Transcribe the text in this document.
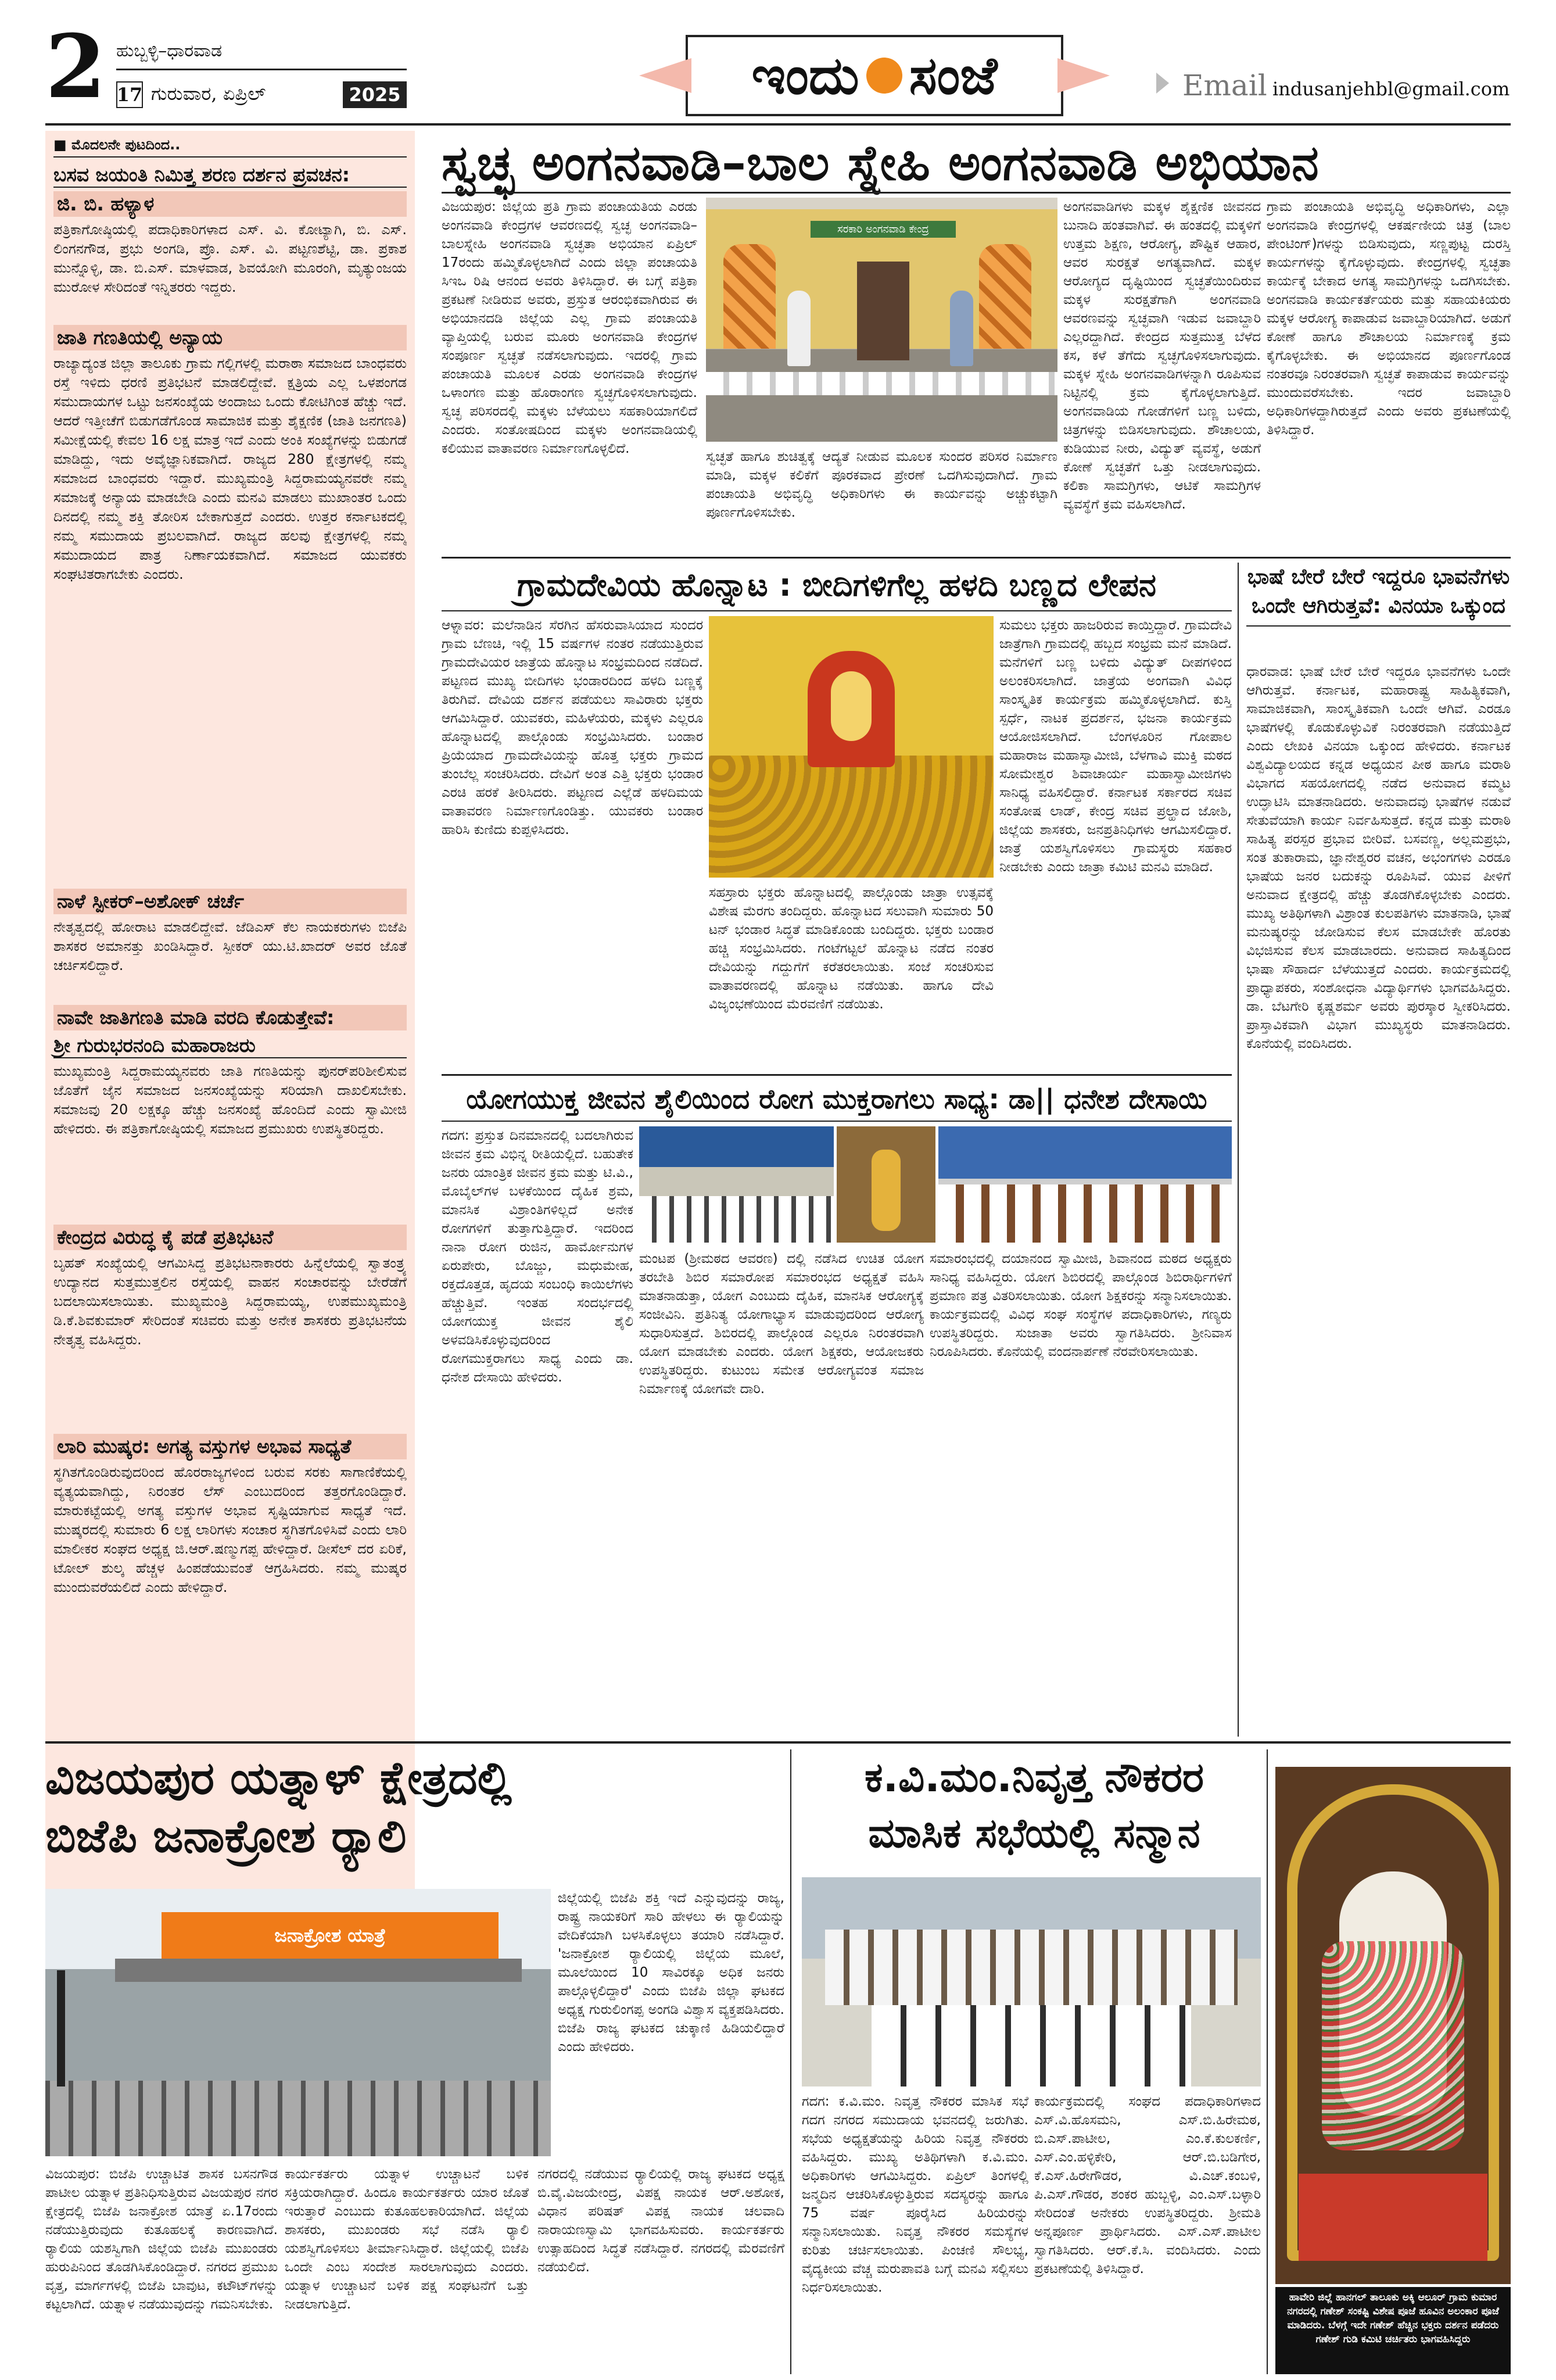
2 ಹುಬ್ಬಳ್ಳಿ–ಧಾರವಾಡ
17 ಗುರುವಾರ, ಏಪ್ರಿಲ್	2025	ಇಂದು ಸಂಜೆ	Email indusanjehbl@gmail.com
■ ಮೊದಲನೇ ಪುಟದಿಂದ..
ಬಸವ ಜಯಂತಿ ನಿಮಿತ್ತ ಶರಣ ದರ್ಶನ ಪ್ರವಚನ:
ಜಿ. ಬಿ. ಹಳ್ಯಾಳ
ಪತ್ರಿಕಾಗೋಷ್ಠಿಯಲ್ಲಿ ಪದಾಧಿಕಾರಿಗಳಾದ ಎಸ್. ವಿ. ಕೋಟ್ಯಾಗಿ, ಬಿ. ಎಸ್. ಲಿಂಗನಗೌಡ, ಪ್ರಭು ಅಂಗಡಿ, ಪ್ರೊ. ಎಸ್. ವಿ. ಪಟ್ಟಣಶೆಟ್ಟಿ, ಡಾ. ಪ್ರಕಾಶ ಮುನ್ನೊಳ್ಳಿ, ಡಾ. ಬಿ.ಎಸ್. ಮಾಳವಾಡ, ಶಿವಯೋಗಿ ಮೂರಂಗಿ, ಮೃತ್ಯುಂಜಯ ಮುರೋಳ ಸೇರಿದಂತೆ ಇನ್ನಿತರರು ಇದ್ದರು.
ಜಾತಿ ಗಣತಿಯಲ್ಲಿ ಅನ್ಯಾಯ
ರಾಜ್ಯಾದ್ಯಂತ ಜಿಲ್ಲಾ ತಾಲೂಕು ಗ್ರಾಮ ಗಲ್ಲಿಗಳಲ್ಲಿ ಮರಾಠಾ ಸಮಾಜದ ಬಾಂಧವರು ರಸ್ತೆ ಇಳಿದು ಧರಣಿ ಪ್ರತಿಭಟನೆ ಮಾಡಲಿದ್ದೇವೆ. ಕ್ಷತ್ರಿಯ ಎಲ್ಲ ಒಳಪಂಗಡ ಸಮುದಾಯಗಳ ಒಟ್ಟು ಜನಸಂಖ್ಯೆಯ ಅಂದಾಜು ಒಂದು ಕೋಟಿಗಿಂತ ಹೆಚ್ಚು ಇದೆ. ಆದರೆ ಇತ್ತೀಚೆಗೆ ಬಿಡುಗಡೆಗೊಂಡ ಸಾಮಾಜಿಕ ಮತ್ತು ಶೈಕ್ಷಣಿಕ (ಜಾತಿ ಜನಗಣತಿ) ಸಮೀಕ್ಷೆಯಲ್ಲಿ ಕೇವಲ 16 ಲಕ್ಷ ಮಾತ್ರ ಇದೆ ಎಂದು ಅಂಕಿ ಸಂಖ್ಯೆಗಳನ್ನು ಬಿಡುಗಡೆ ಮಾಡಿದ್ದು, ಇದು ಅವೈಜ್ಞಾನಿಕವಾಗಿದೆ. ರಾಜ್ಯದ 280 ಕ್ಷೇತ್ರಗಳಲ್ಲಿ ನಮ್ಮ ಸಮಾಜದ ಬಾಂಧವರು ಇದ್ದಾರೆ. ಮುಖ್ಯಮಂತ್ರಿ ಸಿದ್ದರಾಮಯ್ಯನವರೇ ನಮ್ಮ ಸಮಾಜಕ್ಕೆ ಅನ್ಯಾಯ ಮಾಡಬೇಡಿ ಎಂದು ಮನವಿ ಮಾಡಲು ಮುಖಾಂತರ ಒಂದು ದಿನದಲ್ಲಿ ನಮ್ಮ ಶಕ್ತಿ ತೋರಿಸ ಬೇಕಾಗುತ್ತದೆ ಎಂದರು. ಉತ್ತರ ಕರ್ನಾಟಕದಲ್ಲಿ ನಮ್ಮ ಸಮುದಾಯ ಪ್ರಬಲವಾಗಿದೆ. ರಾಜ್ಯದ ಹಲವು ಕ್ಷೇತ್ರಗಳಲ್ಲಿ ನಮ್ಮ ಸಮುದಾಯದ ಪಾತ್ರ ನಿರ್ಣಾಯಕವಾಗಿದೆ. ಸಮಾಜದ ಯುವಕರು ಸಂಘಟಿತರಾಗಬೇಕು ಎಂದರು.
ನಾಳೆ ಸ್ಪೀಕರ್–ಅಶೋಕ್ ಚರ್ಚೆ
ನೇತೃತ್ವದಲ್ಲಿ ಹೋರಾಟ ಮಾಡಲಿದ್ದೇವೆ. ಜೆಡಿಎಸ್ ಕೆಲ ನಾಯಕರುಗಳು ಬಿಜೆಪಿ ಶಾಸಕರ ಅಮಾನತ್ತು ಖಂಡಿಸಿದ್ದಾರೆ. ಸ್ಪೀಕರ್ ಯು.ಟಿ.ಖಾದರ್ ಅವರ ಜೊತೆ ಚರ್ಚಿಸಲಿದ್ದಾರೆ.
ನಾವೇ ಜಾತಿಗಣತಿ ಮಾಡಿ ವರದಿ ಕೊಡುತ್ತೇವೆ:
ಶ್ರೀ ಗುರುಭರನಂದಿ ಮಹಾರಾಜರು
ಮುಖ್ಯಮಂತ್ರಿ ಸಿದ್ದರಾಮಯ್ಯನವರು ಜಾತಿ ಗಣತಿಯನ್ನು ಪುನರ್‌ಪರಿಶೀಲಿಸುವ ಜೊತೆಗೆ ಜೈನ ಸಮಾಜದ ಜನಸಂಖ್ಯೆಯನ್ನು ಸರಿಯಾಗಿ ದಾಖಲಿಸಬೇಕು. ಸಮಾಜವು 20 ಲಕ್ಷಕ್ಕೂ ಹೆಚ್ಚು ಜನಸಂಖ್ಯೆ ಹೊಂದಿದೆ ಎಂದು ಸ್ವಾಮೀಜಿ ಹೇಳಿದರು. ಈ ಪತ್ರಿಕಾಗೋಷ್ಠಿಯಲ್ಲಿ ಸಮಾಜದ ಪ್ರಮುಖರು ಉಪಸ್ಥಿತರಿದ್ದರು.
ಕೇಂದ್ರದ ವಿರುದ್ಧ ಕೈ ಪಡೆ ಪ್ರತಿಭಟನೆ
ಬೃಹತ್ ಸಂಖ್ಯೆಯಲ್ಲಿ ಆಗಮಿಸಿದ್ದ ಪ್ರತಿಭಟನಾಕಾರರು ಹಿನ್ನೆಲೆಯಲ್ಲಿ ಸ್ವಾತಂತ್ರ್ಯ ಉದ್ಯಾನದ ಸುತ್ತಮುತ್ತಲಿನ ರಸ್ತೆಯಲ್ಲಿ ವಾಹನ ಸಂಚಾರವನ್ನು ಬೇರೆಡೆಗೆ ಬದಲಾಯಿಸಲಾಯಿತು. ಮುಖ್ಯಮಂತ್ರಿ ಸಿದ್ದರಾಮಯ್ಯ, ಉಪಮುಖ್ಯಮಂತ್ರಿ ಡಿ.ಕೆ.ಶಿವಕುಮಾರ್ ಸೇರಿದಂತೆ ಸಚಿವರು ಮತ್ತು ಅನೇಕ ಶಾಸಕರು ಪ್ರತಿಭಟನೆಯ ನೇತೃತ್ವ ವಹಿಸಿದ್ದರು.
ಲಾರಿ ಮುಷ್ಕರ: ಅಗತ್ಯ ವಸ್ತುಗಳ ಅಭಾವ ಸಾಧ್ಯತೆ
ಸ್ಥಗಿತಗೊಂಡಿರುವುದರಿಂದ ಹೊರರಾಜ್ಯಗಳಿಂದ ಬರುವ ಸರಕು ಸಾಗಾಣಿಕೆಯಲ್ಲಿ ವ್ಯತ್ಯಯವಾಗಿದ್ದು, ನಿರಂತರ ಲೆಸ್ ಎಂಬುದರಿಂದ ತತ್ತರಗೊಂಡಿದ್ದಾರೆ. ಮಾರುಕಟ್ಟೆಯಲ್ಲಿ ಅಗತ್ಯ ವಸ್ತುಗಳ ಅಭಾವ ಸೃಷ್ಟಿಯಾಗುವ ಸಾಧ್ಯತೆ ಇದೆ. ಮುಷ್ಕರದಲ್ಲಿ ಸುಮಾರು 6 ಲಕ್ಷ ಲಾರಿಗಳು ಸಂಚಾರ ಸ್ಥಗಿತಗೊಳಿಸಿವೆ ಎಂದು ಲಾರಿ ಮಾಲೀಕರ ಸಂಘದ ಅಧ್ಯಕ್ಷ ಜಿ.ಆರ್.ಷಣ್ಮುಗಪ್ಪ ಹೇಳಿದ್ದಾರೆ. ಡೀಸೆಲ್ ದರ ಏರಿಕೆ, ಟೋಲ್ ಶುಲ್ಕ ಹೆಚ್ಚಳ ಹಿಂಪಡೆಯುವಂತೆ ಆಗ್ರಹಿಸಿದರು. ನಮ್ಮ ಮುಷ್ಕರ ಮುಂದುವರೆಯಲಿದೆ ಎಂದು ಹೇಳಿದ್ದಾರೆ.
ಸ್ವಚ್ಛ ಅಂಗನವಾಡಿ–ಬಾಲ ಸ್ನೇಹಿ ಅಂಗನವಾಡಿ ಅಭಿಯಾನ
ವಿಜಯಪುರ: ಜಿಲ್ಲೆಯ ಪ್ರತಿ ಗ್ರಾಮ ಪಂಚಾಯತಿಯ ಎರಡು ಅಂಗನವಾಡಿ ಕೇಂದ್ರಗಳ ಆವರಣದಲ್ಲಿ ಸ್ವಚ್ಛ ಅಂಗನವಾಡಿ–ಬಾಲಸ್ನೇಹಿ ಅಂಗನವಾಡಿ ಸ್ವಚ್ಛತಾ ಅಭಿಯಾನ ಏಪ್ರಿಲ್ 17ರಂದು ಹಮ್ಮಿಕೊಳ್ಳಲಾಗಿದೆ ಎಂದು ಜಿಲ್ಲಾ ಪಂಚಾಯತಿ ಸಿಇಒ ರಿಷಿ ಆನಂದ ಅವರು ತಿಳಿಸಿದ್ದಾರೆ. ಈ ಬಗ್ಗೆ ಪತ್ರಿಕಾ ಪ್ರಕಟಣೆ ನೀಡಿರುವ ಅವರು, ಪ್ರಸ್ತುತ ಆರಂಭಿಕವಾಗಿರುವ ಈ ಅಭಿಯಾನದಡಿ ಜಿಲ್ಲೆಯ ಎಲ್ಲ ಗ್ರಾಮ ಪಂಚಾಯತಿ ವ್ಯಾಪ್ತಿಯಲ್ಲಿ ಬರುವ ಮೂರು ಅಂಗನವಾಡಿ ಕೇಂದ್ರಗಳ ಸಂಪೂರ್ಣ ಸ್ವಚ್ಛತೆ ನಡೆಸಲಾಗುವುದು. ಇದರಲ್ಲಿ ಗ್ರಾಮ ಪಂಚಾಯತಿ ಮೂಲಕ ಎರಡು ಅಂಗನವಾಡಿ ಕೇಂದ್ರಗಳ ಒಳಾಂಗಣ ಮತ್ತು ಹೊರಾಂಗಣ ಸ್ವಚ್ಛಗೊಳಿಸಲಾಗುವುದು. ಸ್ವಚ್ಛ ಪರಿಸರದಲ್ಲಿ ಮಕ್ಕಳು ಬೆಳೆಯಲು ಸಹಕಾರಿಯಾಗಲಿದೆ ಎಂದರು. ಸಂತೋಷದಿಂದ ಮಕ್ಕಳು ಅಂಗನವಾಡಿಯಲ್ಲಿ ಕಲಿಯುವ ವಾತಾವರಣ ನಿರ್ಮಾಣಗೊಳ್ಳಲಿದೆ.
ಸರಕಾರಿ ಅಂಗನವಾಡಿ ಕೇಂದ್ರ
ಸ್ವಚ್ಛತೆ ಹಾಗೂ ಶುಚಿತ್ವಕ್ಕೆ ಆದ್ಯತೆ ನೀಡುವ ಮೂಲಕ ಸುಂದರ ಪರಿಸರ ನಿರ್ಮಾಣ ಮಾಡಿ, ಮಕ್ಕಳ ಕಲಿಕೆಗೆ ಪೂರಕವಾದ ಪ್ರೇರಣೆ ಒದಗಿಸುವುದಾಗಿದೆ. ಗ್ರಾಮ ಪಂಚಾಯತಿ ಅಭಿವೃದ್ಧಿ ಅಧಿಕಾರಿಗಳು ಈ ಕಾರ್ಯವನ್ನು ಅಚ್ಚುಕಟ್ಟಾಗಿ ಪೂರ್ಣಗೊಳಿಸಬೇಕು.
ಅಂಗನವಾಡಿಗಳು ಮಕ್ಕಳ ಶೈಕ್ಷಣಿಕ ಜೀವನದ ಬುನಾದಿ ಹಂತವಾಗಿವೆ. ಈ ಹಂತದಲ್ಲಿ ಮಕ್ಕಳಿಗೆ ಉತ್ತಮ ಶಿಕ್ಷಣ, ಆರೋಗ್ಯ, ಪೌಷ್ಟಿಕ ಆಹಾರ, ಆವರ ಸುರಕ್ಷತೆ ಅಗತ್ಯವಾಗಿದೆ. ಮಕ್ಕಳ ಆರೋಗ್ಯದ ದೃಷ್ಟಿಯಿಂದ ಸ್ವಚ್ಛತೆಯಿಂದಿರುವ ಮಕ್ಕಳ ಸುರಕ್ಷತೆಗಾಗಿ ಅಂಗನವಾಡಿ ಆವರಣವನ್ನು ಸ್ವಚ್ಛವಾಗಿ ಇಡುವ ಜವಾಬ್ದಾರಿ ಎಲ್ಲರದ್ದಾಗಿದೆ. ಕೇಂದ್ರದ ಸುತ್ತಮುತ್ತ ಬೆಳೆದ ಕಸ, ಕಳೆ ತೆಗೆದು ಸ್ವಚ್ಛಗೊಳಿಸಲಾಗುವುದು. ಮಕ್ಕಳ ಸ್ನೇಹಿ ಅಂಗನವಾಡಿಗಳನ್ನಾಗಿ ರೂಪಿಸುವ ನಿಟ್ಟಿನಲ್ಲಿ ಕ್ರಮ ಕೈಗೊಳ್ಳಲಾಗುತ್ತಿದೆ. ಅಂಗನವಾಡಿಯ ಗೋಡೆಗಳಿಗೆ ಬಣ್ಣ ಬಳಿದು, ಚಿತ್ರಗಳನ್ನು ಬಿಡಿಸಲಾಗುವುದು. ಶೌಚಾಲಯ, ಕುಡಿಯುವ ನೀರು, ವಿದ್ಯುತ್ ವ್ಯವಸ್ಥೆ, ಅಡುಗೆ ಕೋಣೆ ಸ್ವಚ್ಛತೆಗೆ ಒತ್ತು ನೀಡಲಾಗುವುದು. ಕಲಿಕಾ ಸಾಮಗ್ರಿಗಳು, ಆಟಿಕೆ ಸಾಮಗ್ರಿಗಳ ವ್ಯವಸ್ಥೆಗೆ ಕ್ರಮ ವಹಿಸಲಾಗಿದೆ.
ಗ್ರಾಮ ಪಂಚಾಯತಿ ಅಭಿವೃದ್ಧಿ ಅಧಿಕಾರಿಗಳು, ಎಲ್ಲಾ ಅಂಗನವಾಡಿ ಕೇಂದ್ರಗಳಲ್ಲಿ ಆಕರ್ಷಣೀಯ ಚಿತ್ರ (ಬಾಲ ಪೇಂಟಿಂಗ್)ಗಳನ್ನು ಬಿಡಿಸುವುದು, ಸಣ್ಣಪುಟ್ಟ ದುರಸ್ತಿ ಕಾರ್ಯಗಳನ್ನು ಕೈಗೊಳ್ಳುವುದು. ಕೇಂದ್ರಗಳಲ್ಲಿ ಸ್ವಚ್ಛತಾ ಕಾರ್ಯಕ್ಕೆ ಬೇಕಾದ ಅಗತ್ಯ ಸಾಮಗ್ರಿಗಳನ್ನು ಒದಗಿಸಬೇಕು. ಅಂಗನವಾಡಿ ಕಾರ್ಯಕರ್ತೆಯರು ಮತ್ತು ಸಹಾಯಕಿಯರು ಮಕ್ಕಳ ಆರೋಗ್ಯ ಕಾಪಾಡುವ ಜವಾಬ್ದಾರಿಯಾಗಿದೆ. ಅಡುಗೆ ಕೋಣೆ ಹಾಗೂ ಶೌಚಾಲಯ ನಿರ್ಮಾಣಕ್ಕೆ ಕ್ರಮ ಕೈಗೊಳ್ಳಬೇಕು. ಈ ಅಭಿಯಾನದ ಪೂರ್ಣಗೊಂಡ ನಂತರವೂ ನಿರಂತರವಾಗಿ ಸ್ವಚ್ಛತೆ ಕಾಪಾಡುವ ಕಾರ್ಯವನ್ನು ಮುಂದುವರೆಸಬೇಕು. ಇದರ ಜವಾಬ್ದಾರಿ ಅಧಿಕಾರಿಗಳದ್ದಾಗಿರುತ್ತದೆ ಎಂದು ಅವರು ಪ್ರಕಟಣೆಯಲ್ಲಿ ತಿಳಿಸಿದ್ದಾರೆ.
ಗ್ರಾಮದೇವಿಯ ಹೊನ್ನಾಟ : ಬೀದಿಗಳಿಗೆಲ್ಲ ಹಳದಿ ಬಣ್ಣದ ಲೇಪನ
ಆಳ್ನಾವರ: ಮಲೆನಾಡಿನ ಸೆರಗಿನ ಹೆಸರುವಾಸಿಯಾದ ಸುಂದರ ಗ್ರಾಮ ಬೆಣಚಿ, ಇಲ್ಲಿ 15 ವರ್ಷಗಳ ನಂತರ ನಡೆಯುತ್ತಿರುವ ಗ್ರಾಮದೇವಿಯರ ಜಾತ್ರೆಯ ಹೊನ್ನಾಟ ಸಂಭ್ರಮದಿಂದ ನಡೆದಿದೆ. ಪಟ್ಟಣದ ಮುಖ್ಯ ಬೀದಿಗಳು ಭಂಡಾರದಿಂದ ಹಳದಿ ಬಣ್ಣಕ್ಕೆ ತಿರುಗಿವೆ. ದೇವಿಯ ದರ್ಶನ ಪಡೆಯಲು ಸಾವಿರಾರು ಭಕ್ತರು ಆಗಮಿಸಿದ್ದಾರೆ. ಯುವಕರು, ಮಹಿಳೆಯರು, ಮಕ್ಕಳು ಎಲ್ಲರೂ ಹೊನ್ನಾಟದಲ್ಲಿ ಪಾಲ್ಗೊಂಡು ಸಂಭ್ರಮಿಸಿದರು. ಬಂಡಾರ ಪ್ರಿಯೆಯಾದ ಗ್ರಾಮದೇವಿಯನ್ನು ಹೊತ್ತ ಭಕ್ತರು ಗ್ರಾಮದ ತುಂಬೆಲ್ಲ ಸಂಚರಿಸಿದರು. ದೇವಿಗೆ ಅಂತ ಎತ್ತಿ ಭಕ್ತರು ಭಂಡಾರ ಎರಚಿ ಹರಕೆ ತೀರಿಸಿದರು. ಪಟ್ಟಣದ ಎಲ್ಲೆಡೆ ಹಳದಿಮಯ ವಾತಾವರಣ ನಿರ್ಮಾಣಗೊಂಡಿತ್ತು. ಯುವಕರು ಬಂಡಾರ ಹಾರಿಸಿ ಕುಣಿದು ಕುಪ್ಪಳಿಸಿದರು.
ಸಹಸ್ರಾರು ಭಕ್ತರು ಹೊನ್ನಾಟದಲ್ಲಿ ಪಾಲ್ಗೊಂಡು ಜಾತ್ರಾ ಉತ್ಸವಕ್ಕೆ ವಿಶೇಷ ಮೆರಗು ತಂದಿದ್ದರು. ಹೊನ್ನಾಟದ ಸಲುವಾಗಿ ಸುಮಾರು 50 ಟನ್ ಭಂಡಾರ ಸಿದ್ಧತೆ ಮಾಡಿಕೊಂಡು ಬಂದಿದ್ದರು. ಭಕ್ತರು ಬಂಡಾರ ಹಚ್ಚಿ ಸಂಭ್ರಮಿಸಿದರು. ಗಂಟೆಗಟ್ಟಲೆ ಹೊನ್ನಾಟ ನಡೆದ ನಂತರ ದೇವಿಯನ್ನು ಗದ್ದುಗೆಗೆ ಕರೆತರಲಾಯಿತು. ಸಂಜೆ ಸಂಚರಿಸುವ ವಾತಾವರಣದಲ್ಲಿ ಹೊನ್ನಾಟ ನಡೆಯಿತು. ಹಾಗೂ ದೇವಿ ವಿಜೃಂಭಣೆಯಿಂದ ಮೆರವಣಿಗೆ ನಡೆಯಿತು.
ಸುಮಲು ಭಕ್ತರು ಹಾಜರಿರುವ ಕಾಯ್ತಿದ್ದಾರೆ. ಗ್ರಾಮದೇವಿ ಜಾತ್ರೆಗಾಗಿ ಗ್ರಾಮದಲ್ಲಿ ಹಬ್ಬದ ಸಂಭ್ರಮ ಮನೆ ಮಾಡಿದೆ. ಮನೆಗಳಿಗೆ ಬಣ್ಣ ಬಳಿದು ವಿದ್ಯುತ್ ದೀಪಗಳಿಂದ ಅಲಂಕರಿಸಲಾಗಿದೆ. ಜಾತ್ರೆಯ ಅಂಗವಾಗಿ ವಿವಿಧ ಸಾಂಸ್ಕೃತಿಕ ಕಾರ್ಯಕ್ರಮ ಹಮ್ಮಿಕೊಳ್ಳಲಾಗಿದೆ. ಕುಸ್ತಿ ಸ್ಪರ್ಧೆ, ನಾಟಕ ಪ್ರದರ್ಶನ, ಭಜನಾ ಕಾರ್ಯಕ್ರಮ ಆಯೋಜಿಸಲಾಗಿದೆ. ಬೆಂಗಳೂರಿನ ಗೋಪಾಲ ಮಹಾರಾಜ ಮಹಾಸ್ವಾಮೀಜಿ, ಬೆಳಗಾವಿ ಮುಕ್ತಿ ಮಠದ ಸೋಮೇಶ್ವರ ಶಿವಾಚಾರ್ಯ ಮಹಾಸ್ವಾಮೀಜಿಗಳು ಸಾನಿಧ್ಯ ವಹಿಸಲಿದ್ದಾರೆ. ಕರ್ನಾಟಕ ಸರ್ಕಾರದ ಸಚಿವ ಸಂತೋಷ ಲಾಡ್, ಕೇಂದ್ರ ಸಚಿವ ಪ್ರಲ್ಹಾದ ಜೋಶಿ, ಜಿಲ್ಲೆಯ ಶಾಸಕರು, ಜನಪ್ರತಿನಿಧಿಗಳು ಆಗಮಿಸಲಿದ್ದಾರೆ. ಜಾತ್ರೆ ಯಶಸ್ವಿಗೊಳಿಸಲು ಗ್ರಾಮಸ್ಥರು ಸಹಕಾರ ನೀಡಬೇಕು ಎಂದು ಜಾತ್ರಾ ಕಮಿಟಿ ಮನವಿ ಮಾಡಿದೆ.
ಭಾಷೆ ಬೇರೆ ಬೇರೆ ಇದ್ದರೂ ಭಾವನೆಗಳು ಒಂದೇ ಆಗಿರುತ್ತವೆ: ವಿನಯಾ ಒಕ್ಕುಂದ
ಧಾರವಾಡ: ಭಾಷೆ ಬೇರೆ ಬೇರೆ ಇದ್ದರೂ ಭಾವನೆಗಳು ಒಂದೇ ಆಗಿರುತ್ತವೆ. ಕರ್ನಾಟಕ, ಮಹಾರಾಷ್ಟ್ರ ಸಾಹಿತ್ಯಿಕವಾಗಿ, ಸಾಮಾಜಿಕವಾಗಿ, ಸಾಂಸ್ಕೃತಿಕವಾಗಿ ಒಂದೇ ಆಗಿವೆ. ಎರಡೂ ಭಾಷೆಗಳಲ್ಲಿ ಕೊಡುಕೊಳ್ಳುವಿಕೆ ನಿರಂತರವಾಗಿ ನಡೆಯುತ್ತಿದೆ ಎಂದು ಲೇಖಕಿ ವಿನಯಾ ಒಕ್ಕುಂದ ಹೇಳಿದರು. ಕರ್ನಾಟಕ ವಿಶ್ವವಿದ್ಯಾಲಯದ ಕನ್ನಡ ಅಧ್ಯಯನ ಪೀಠ ಹಾಗೂ ಮರಾಠಿ ವಿಭಾಗದ ಸಹಯೋಗದಲ್ಲಿ ನಡೆದ ಅನುವಾದ ಕಮ್ಮಟ ಉದ್ಘಾಟಿಸಿ ಮಾತನಾಡಿದರು. ಅನುವಾದವು ಭಾಷೆಗಳ ನಡುವೆ ಸೇತುವೆಯಾಗಿ ಕಾರ್ಯ ನಿರ್ವಹಿಸುತ್ತದೆ. ಕನ್ನಡ ಮತ್ತು ಮರಾಠಿ ಸಾಹಿತ್ಯ ಪರಸ್ಪರ ಪ್ರಭಾವ ಬೀರಿವೆ. ಬಸವಣ್ಣ, ಅಲ್ಲಮಪ್ರಭು, ಸಂತ ತುಕಾರಾಮ, ಜ್ಞಾನೇಶ್ವರರ ವಚನ, ಅಭಂಗಗಳು ಎರಡೂ ಭಾಷೆಯ ಜನರ ಬದುಕನ್ನು ರೂಪಿಸಿವೆ. ಯುವ ಪೀಳಿಗೆ ಅನುವಾದ ಕ್ಷೇತ್ರದಲ್ಲಿ ಹೆಚ್ಚು ತೊಡಗಿಕೊಳ್ಳಬೇಕು ಎಂದರು. ಮುಖ್ಯ ಅತಿಥಿಗಳಾಗಿ ವಿಶ್ರಾಂತ ಕುಲಪತಿಗಳು ಮಾತನಾಡಿ, ಭಾಷೆ ಮನುಷ್ಯರನ್ನು ಜೋಡಿಸುವ ಕೆಲಸ ಮಾಡಬೇಕೇ ಹೊರತು ವಿಭಜಿಸುವ ಕೆಲಸ ಮಾಡಬಾರದು. ಅನುವಾದ ಸಾಹಿತ್ಯದಿಂದ ಭಾಷಾ ಸೌಹಾರ್ದ ಬೆಳೆಯುತ್ತದೆ ಎಂದರು. ಕಾರ್ಯಕ್ರಮದಲ್ಲಿ ಪ್ರಾಧ್ಯಾಪಕರು, ಸಂಶೋಧನಾ ವಿದ್ಯಾರ್ಥಿಗಳು ಭಾಗವಹಿಸಿದ್ದರು. ಡಾ. ಬೆಟಗೇರಿ ಕೃಷ್ಣಶರ್ಮ ಅವರು ಪುರಸ್ಕಾರ ಸ್ವೀಕರಿಸಿದರು. ಪ್ರಾಸ್ತಾವಿಕವಾಗಿ ವಿಭಾಗ ಮುಖ್ಯಸ್ಥರು ಮಾತನಾಡಿದರು. ಕೊನೆಯಲ್ಲಿ ವಂದಿಸಿದರು.
ಯೋಗಯುಕ್ತ ಜೀವನ ಶೈಲಿಯಿಂದ ರೋಗ ಮುಕ್ತರಾಗಲು ಸಾಧ್ಯ: ಡಾ|| ಧನೇಶ ದೇಸಾಯಿ
ಗದಗ: ಪ್ರಸ್ತುತ ದಿನಮಾನದಲ್ಲಿ ಬದಲಾಗಿರುವ ಜೀವನ ಕ್ರಮ ವಿಭಿನ್ನ ರೀತಿಯಲ್ಲಿದೆ. ಬಹುತೇಕ ಜನರು ಯಾಂತ್ರಿಕ ಜೀವನ ಕ್ರಮ ಮತ್ತು ಟಿ.ವಿ., ಮೊಬೈಲ್‌ಗಳ ಬಳಕೆಯಿಂದ ದೈಹಿಕ ಶ್ರಮ, ಮಾನಸಿಕ ವಿಶ್ರಾಂತಿಗಳಿಲ್ಲದೆ ಅನೇಕ ರೋಗಗಳಿಗೆ ತುತ್ತಾಗುತ್ತಿದ್ದಾರೆ. ಇದರಿಂದ ನಾನಾ ರೋಗ ರುಜಿನ, ಹಾರ್ಮೋನುಗಳ ಏರುಪೇರು, ಬೊಜ್ಜು, ಮಧುಮೇಹ, ರಕ್ತದೊತ್ತಡ, ಹೃದಯ ಸಂಬಂಧಿ ಕಾಯಿಲೆಗಳು ಹೆಚ್ಚುತ್ತಿವೆ. ಇಂತಹ ಸಂದರ್ಭದಲ್ಲಿ ಯೋಗಯುಕ್ತ ಜೀವನ ಶೈಲಿ ಅಳವಡಿಸಿಕೊಳ್ಳುವುದರಿಂದ ರೋಗಮುಕ್ತರಾಗಲು ಸಾಧ್ಯ ಎಂದು ಡಾ. ಧನೇಶ ದೇಸಾಯಿ ಹೇಳಿದರು.
ಮಂಟಪ (ಶ್ರೀಮಠದ ಆವರಣ) ದಲ್ಲಿ ನಡೆಸಿದ ಉಚಿತ ಯೋಗ ತರಬೇತಿ ಶಿಬಿರ ಸಮಾರೋಪ ಸಮಾರಂಭದ ಅಧ್ಯಕ್ಷತೆ ವಹಿಸಿ ಮಾತನಾಡುತ್ತಾ, ಯೋಗ ಎಂಬುದು ದೈಹಿಕ, ಮಾನಸಿಕ ಆರೋಗ್ಯಕ್ಕೆ ಸಂಜೀವಿನಿ. ಪ್ರತಿನಿತ್ಯ ಯೋಗಾಭ್ಯಾಸ ಮಾಡುವುದರಿಂದ ಆರೋಗ್ಯ ಸುಧಾರಿಸುತ್ತದೆ. ಶಿಬಿರದಲ್ಲಿ ಪಾಲ್ಗೊಂಡ ಎಲ್ಲರೂ ನಿರಂತರವಾಗಿ ಯೋಗ ಮಾಡಬೇಕು ಎಂದರು. ಯೋಗ ಶಿಕ್ಷಕರು, ಆಯೋಜಕರು ಉಪಸ್ಥಿತರಿದ್ದರು. ಕುಟುಂಬ ಸಮೇತ ಆರೋಗ್ಯವಂತ ಸಮಾಜ ನಿರ್ಮಾಣಕ್ಕೆ ಯೋಗವೇ ದಾರಿ.
ಸಮಾರಂಭದಲ್ಲಿ ದಯಾನಂದ ಸ್ವಾಮೀಜಿ, ಶಿವಾನಂದ ಮಠದ ಅಧ್ಯಕ್ಷರು ಸಾನಿಧ್ಯ ವಹಿಸಿದ್ದರು. ಯೋಗ ಶಿಬಿರದಲ್ಲಿ ಪಾಲ್ಗೊಂಡ ಶಿಬಿರಾರ್ಥಿಗಳಿಗೆ ಪ್ರಮಾಣ ಪತ್ರ ವಿತರಿಸಲಾಯಿತು. ಯೋಗ ಶಿಕ್ಷಕರನ್ನು ಸನ್ಮಾನಿಸಲಾಯಿತು. ಕಾರ್ಯಕ್ರಮದಲ್ಲಿ ವಿವಿಧ ಸಂಘ ಸಂಸ್ಥೆಗಳ ಪದಾಧಿಕಾರಿಗಳು, ಗಣ್ಯರು ಉಪಸ್ಥಿತರಿದ್ದರು. ಸುಜಾತಾ ಅವರು ಸ್ವಾಗತಿಸಿದರು. ಶ್ರೀನಿವಾಸ ನಿರೂಪಿಸಿದರು. ಕೊನೆಯಲ್ಲಿ ವಂದನಾರ್ಪಣೆ ನೆರವೇರಿಸಲಾಯಿತು.
ವಿಜಯಪುರ ಯತ್ನಾಳ್ ಕ್ಷೇತ್ರದಲ್ಲಿ
ಬಿಜೆಪಿ ಜನಾಕ್ರೋಶ ರ‍್ಯಾಲಿ
ಜನಾಕ್ರೋಶ ಯಾತ್ರೆ
ಜಿಲ್ಲೆಯಲ್ಲಿ ಬಿಜೆಪಿ ಶಕ್ತಿ ಇದೆ ಎನ್ನುವುದನ್ನು ರಾಜ್ಯ, ರಾಷ್ಟ್ರ ನಾಯಕರಿಗೆ ಸಾರಿ ಹೇಳಲು ಈ ರ‍್ಯಾಲಿಯನ್ನು ವೇದಿಕೆಯಾಗಿ ಬಳಸಿಕೊಳ್ಳಲು ತಯಾರಿ ನಡೆಸಿದ್ದಾರೆ. 'ಜನಾಕ್ರೋಶ ರ‍್ಯಾಲಿಯಲ್ಲಿ ಜಿಲ್ಲೆಯ ಮೂಲೆ, ಮೂಲೆಯಿಂದ 10 ಸಾವಿರಕ್ಕೂ ಅಧಿಕ ಜನರು ಪಾಲ್ಗೊಳ್ಳಲಿದ್ದಾರೆ' ಎಂದು ಬಿಜೆಪಿ ಜಿಲ್ಲಾ ಘಟಕದ ಅಧ್ಯಕ್ಷ ಗುರುಲಿಂಗಪ್ಪ ಅಂಗಡಿ ವಿಶ್ವಾಸ ವ್ಯಕ್ತಪಡಿಸಿದರು. ಬಿಜೆಪಿ ರಾಜ್ಯ ಘಟಕದ ಚುಕ್ಕಾಣಿ ಹಿಡಿಯಲಿದ್ದಾರೆ ಎಂದು ಹೇಳಿದರು.
ವಿಜಯಪುರ: ಬಿಜೆಪಿ ಉಚ್ಚಾಟಿತ ಶಾಸಕ ಬಸನಗೌಡ ಪಾಟೀಲ ಯತ್ನಾಳ ಪ್ರತಿನಿಧಿಸುತ್ತಿರುವ ವಿಜಯಪುರ ನಗರ ಕ್ಷೇತ್ರದಲ್ಲಿ ಬಿಜೆಪಿ ಜನಾಕ್ರೋಶ ಯಾತ್ರೆ ಏ.17ರಂದು ನಡೆಯುತ್ತಿರುವುದು ಕುತೂಹಲಕ್ಕೆ ಕಾರಣವಾಗಿದೆ. ರ‍್ಯಾಲಿಯ ಯಶಸ್ವಿಗಾಗಿ ಜಿಲ್ಲೆಯ ಬಿಜೆಪಿ ಮುಖಂಡರು ಹುರುಪಿನಿಂದ ತೊಡಗಿಸಿಕೊಂಡಿದ್ದಾರೆ. ನಗರದ ಪ್ರಮುಖ ವೃತ್ತ, ಮಾರ್ಗಗಳಲ್ಲಿ ಬಿಜೆಪಿ ಬಾವುಟ, ಕಟೌಟ್‌ಗಳನ್ನು ಕಟ್ಟಲಾಗಿದೆ. ಯತ್ನಾಳ ನಡೆಯುವುದನ್ನು ಗಮನಿಸಬೇಕು.
ಕಾರ್ಯಕರ್ತರು ಯತ್ನಾಳ ಉಚ್ಚಾಟನೆ ಬಳಿಕ ಸಕ್ರಿಯರಾಗಿದ್ದಾರೆ. ಹಿಂದೂ ಕಾರ್ಯಕರ್ತರು ಯಾರ ಜೊತೆ ಇರುತ್ತಾರೆ ಎಂಬುದು ಕುತೂಹಲಕಾರಿಯಾಗಿದೆ. ಜಿಲ್ಲೆಯ ಶಾಸಕರು, ಮುಖಂಡರು ಸಭೆ ನಡೆಸಿ ರ‍್ಯಾಲಿ ಯಶಸ್ವಿಗೊಳಿಸಲು ತೀರ್ಮಾನಿಸಿದ್ದಾರೆ. ಜಿಲ್ಲೆಯಲ್ಲಿ ಬಿಜೆಪಿ ಒಂದೇ ಎಂಬ ಸಂದೇಶ ಸಾರಲಾಗುವುದು ಎಂದರು. ಯತ್ನಾಳ ಉಚ್ಚಾಟನೆ ಬಳಿಕ ಪಕ್ಷ ಸಂಘಟನೆಗೆ ಒತ್ತು ನೀಡಲಾಗುತ್ತಿದೆ.
ನಗರದಲ್ಲಿ ನಡೆಯುವ ರ‍್ಯಾಲಿಯಲ್ಲಿ ರಾಜ್ಯ ಘಟಕದ ಅಧ್ಯಕ್ಷ ಬಿ.ವೈ.ವಿಜಯೇಂದ್ರ, ವಿಪಕ್ಷ ನಾಯಕ ಆರ್.ಅಶೋಕ, ವಿಧಾನ ಪರಿಷತ್ ವಿಪಕ್ಷ ನಾಯಕ ಚಲವಾದಿ ನಾರಾಯಣಸ್ವಾಮಿ ಭಾಗವಹಿಸುವರು. ಕಾರ್ಯಕರ್ತರು ಉತ್ಸಾಹದಿಂದ ಸಿದ್ಧತೆ ನಡೆಸಿದ್ದಾರೆ. ನಗರದಲ್ಲಿ ಮೆರವಣಿಗೆ ನಡೆಯಲಿದೆ.
ಕ.ವಿ.ಮಂ.ನಿವೃತ್ತ ನೌಕರರ
ಮಾಸಿಕ ಸಭೆಯಲ್ಲಿ ಸನ್ಮಾನ
ಗದಗ: ಕ.ವಿ.ಮಂ. ನಿವೃತ್ತ ನೌಕರರ ಮಾಸಿಕ ಸಭೆ ಗದಗ ನಗರದ ಸಮುದಾಯ ಭವನದಲ್ಲಿ ಜರುಗಿತು. ಸಭೆಯ ಅಧ್ಯಕ್ಷತೆಯನ್ನು ಹಿರಿಯ ನಿವೃತ್ತ ನೌಕರರು ವಹಿಸಿದ್ದರು. ಮುಖ್ಯ ಅತಿಥಿಗಳಾಗಿ ಕ.ವಿ.ಮಂ. ಅಧಿಕಾರಿಗಳು ಆಗಮಿಸಿದ್ದರು. ಏಪ್ರಿಲ್ ತಿಂಗಳಲ್ಲಿ ಜನ್ಮದಿನ ಆಚರಿಸಿಕೊಳ್ಳುತ್ತಿರುವ ಸದಸ್ಯರನ್ನು ಹಾಗೂ 75 ವರ್ಷ ಪೂರೈಸಿದ ಹಿರಿಯರನ್ನು ಸನ್ಮಾನಿಸಲಾಯಿತು. ನಿವೃತ್ತ ನೌಕರರ ಸಮಸ್ಯೆಗಳ ಕುರಿತು ಚರ್ಚಿಸಲಾಯಿತು. ಪಿಂಚಣಿ ಸೌಲಭ್ಯ, ವೈದ್ಯಕೀಯ ವೆಚ್ಚ ಮರುಪಾವತಿ ಬಗ್ಗೆ ಮನವಿ ಸಲ್ಲಿಸಲು ನಿರ್ಧರಿಸಲಾಯಿತು.
ಕಾರ್ಯಕ್ರಮದಲ್ಲಿ ಸಂಘದ ಪದಾಧಿಕಾರಿಗಳಾದ ಎಸ್.ವಿ.ಹೊಸಮನಿ, ಎಸ್.ಬಿ.ಹಿರೇಮಠ, ಬಿ.ಎಸ್.ಪಾಟೀಲ, ಎಂ.ಕೆ.ಕುಲಕರ್ಣಿ, ಎಸ್.ಎಂ.ಹಳ್ಳಿಕೇರಿ, ಆರ್.ಬಿ.ಬಡಿಗೇರ, ಕೆ.ಎಸ್.ಹಿರೇಗೌಡರ, ವಿ.ಎಚ್.ಕಂಬಳಿ, ಪಿ.ಎಸ್.ಗೌಡರ, ಶಂಕರ ಹುಬ್ಬಳ್ಳಿ, ಎಂ.ಎಸ್.ಬಳ್ಳಾರಿ ಸೇರಿದಂತೆ ಅನೇಕರು ಉಪಸ್ಥಿತರಿದ್ದರು. ಶ್ರೀಮತಿ ಅನ್ನಪೂರ್ಣ ಪ್ರಾರ್ಥಿಸಿದರು. ಎಸ್.ಎಸ್.ಪಾಟೀಲ ಸ್ವಾಗತಿಸಿದರು. ಆರ್.ಕೆ.ಸಿ. ವಂದಿಸಿದರು. ಎಂದು ಪ್ರಕಟಣೆಯಲ್ಲಿ ತಿಳಿಸಿದ್ದಾರೆ.
ಹಾವೇರಿ ಜಿಲ್ಲೆ ಹಾನಗಲ್ ತಾಲೂಕು ಅಕ್ಕಿ ಆಲೂರ್ ಗ್ರಾಮ ಕುಮಾರ ನಗರದಲ್ಲಿ ಗಣೇಶ್ ಸಂಕಷ್ಟಿ ವಿಶೇಷ ಪೂಜೆ ಹೂವಿನ ಅಲಂಕಾರ ಪೂಜೆ ಮಾಡಿದರು. ಬೆಳಗ್ಗೆ ಇದೇ ಗಣೇಶ್ ಹೆಚ್ಚಿನ ಭಕ್ತರು ದರ್ಶನ ಪಡೆದರು ಗಣೇಶ್ ಗುಡಿ ಕಮಿಟಿ ಚರ್ಚಿತರು ಭಾಗವಹಿಸಿದ್ದರು
